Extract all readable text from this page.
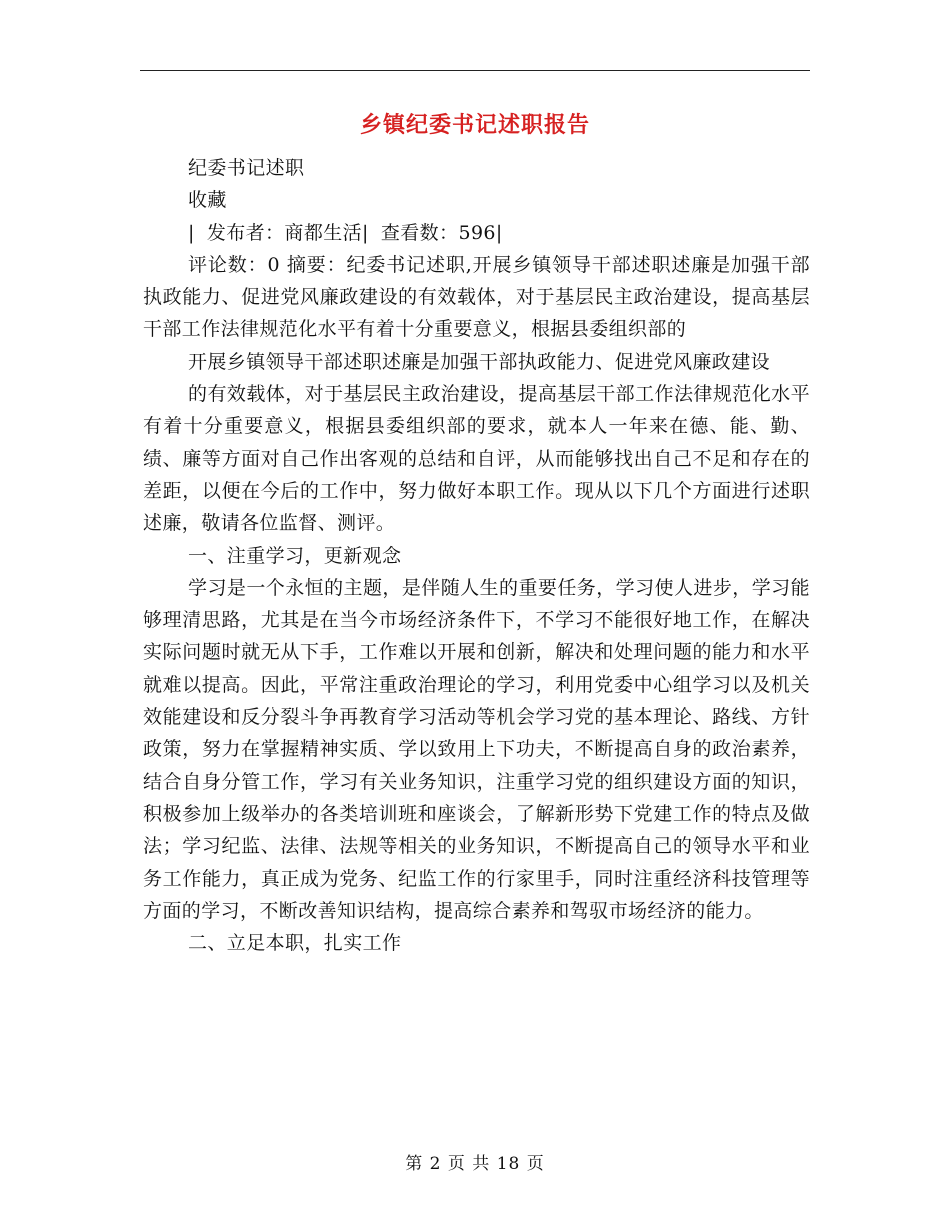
乡镇纪委书记述职报告

纪委书记述职

收藏

| 发布者：商都生活| 查看数：596|

评论数：0 摘要：纪委书记述职,开展乡镇领导干部述职述廉是加强干部执政能力、促进党风廉政建设的有效载体，对于基层民主政治建设，提高基层干部工作法律规范化水平有着十分重要意义，根据县委组织部的

开展乡镇领导干部述职述廉是加强干部执政能力、促进党风廉政建设

的有效载体，对于基层民主政治建设，提高基层干部工作法律规范化水平有着十分重要意义，根据县委组织部的要求，就本人一年来在德、能、勤、绩、廉等方面对自己作出客观的总结和自评，从而能够找出自己不足和存在的差距，以便在今后的工作中，努力做好本职工作。现从以下几个方面进行述职述廉，敬请各位监督、测评。

一、注重学习，更新观念

学习是一个永恒的主题，是伴随人生的重要任务，学习使人进步，学习能够理清思路，尤其是在当今市场经济条件下，不学习不能很好地工作，在解决实际问题时就无从下手，工作难以开展和创新，解决和处理问题的能力和水平就难以提高。因此，平常注重政治理论的学习，利用党委中心组学习以及机关效能建设和反分裂斗争再教育学习活动等机会学习党的基本理论、路线、方针政策，努力在掌握精神实质、学以致用上下功夫，不断提高自身的政治素养，结合自身分管工作，学习有关业务知识，注重学习党的组织建设方面的知识，积极参加上级举办的各类培训班和座谈会，了解新形势下党建工作的特点及做法；学习纪监、法律、法规等相关的业务知识，不断提高自己的领导水平和业务工作能力，真正成为党务、纪监工作的行家里手，同时注重经济科技管理等方面的学习，不断改善知识结构，提高综合素养和驾驭市场经济的能力。

二、立足本职，扎实工作

第 2 页 共 18 页
